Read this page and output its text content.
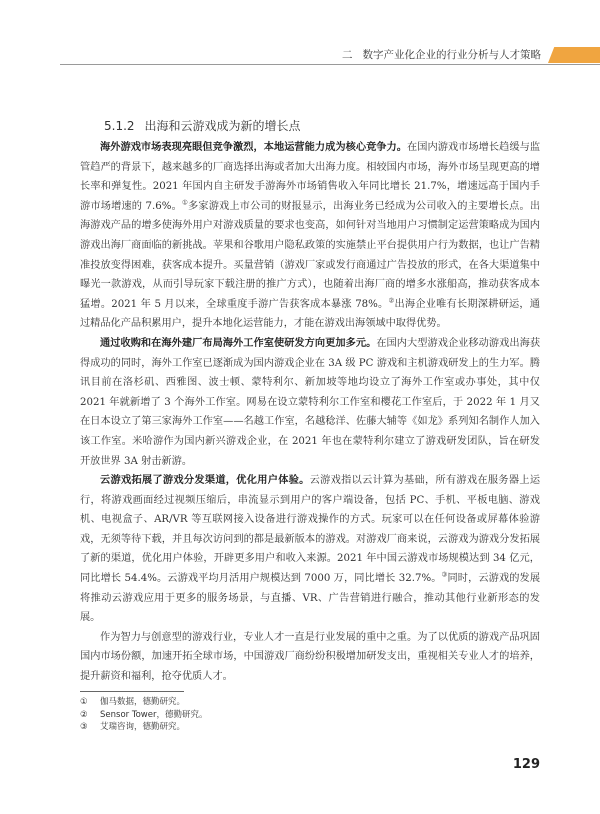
二 数字产业化企业的行业分析与人才策略
5.1.2 出海和云游戏成为新的增长点

海外游戏市场表现亮眼但竞争激烈，本地运营能力成为核心竞争力。在国内游戏市场增长趋缓与监管趋严的背景下，越来越多的厂商选择出海或者加大出海力度。相较国内市场，海外市场呈现更高的增长率和弹复性。2021 年国内自主研发手游海外市场销售收入年同比增长 21.7%，增速远高于国内手游市场增速的 7.6%。①多家游戏上市公司的财报显示，出海业务已经成为公司收入的主要增长点。出海游戏产品的增多使海外用户对游戏质量的要求也变高，如何针对当地用户习惯制定运营策略成为国内游戏出海厂商面临的新挑战。苹果和谷歌用户隐私政策的实施禁止平台提供用户行为数据，也让广告精准投放变得困难，获客成本提升。买量营销（游戏厂家或发行商通过广告投放的形式，在各大渠道集中曝光一款游戏，从而引导玩家下载注册的推广方式），也随着出海厂商的增多水涨船高，推动获客成本猛增。2021 年 5 月以来，全球重度手游广告获客成本暴涨 78%。②出海企业唯有长期深耕研运，通过精品化产品积累用户，提升本地化运营能力，才能在游戏出海领域中取得优势。

通过收购和在海外建厂布局海外工作室使研发方向更加多元。在国内大型游戏企业移动游戏出海获得成功的同时，海外工作室已逐渐成为国内游戏企业在 3A 级 PC 游戏和主机游戏研发上的生力军。腾讯目前在洛杉矶、西雅图、波士顿、蒙特利尔、新加坡等地均设立了海外工作室或办事处，其中仅 2021 年就新增了 3 个海外工作室。网易在设立蒙特利尔工作室和樱花工作室后，于 2022 年 1 月又在日本设立了第三家海外工作室——名越工作室，名越稔洋、佐藤大辅等《如龙》系列知名制作人加入该工作室。米哈游作为国内新兴游戏企业，在 2021 年也在蒙特利尔建立了游戏研发团队，旨在研发开放世界 3A 射击新游。

云游戏拓展了游戏分发渠道，优化用户体验。云游戏指以云计算为基础，所有游戏在服务器上运行，将游戏画面经过视频压缩后，串流显示到用户的客户端设备，包括 PC、手机、平板电脑、游戏机、电视盒子、AR/VR 等互联网接入设备进行游戏操作的方式。玩家可以在任何设备或屏幕体验游戏，无须等待下载，并且每次访问到的都是最新版本的游戏。对游戏厂商来说，云游戏为游戏分发拓展了新的渠道，优化用户体验，开辟更多用户和收入来源。2021 年中国云游戏市场规模达到 34 亿元，同比增长 54.4%。云游戏平均月活用户规模达到 7000 万，同比增长 32.7%。③同时，云游戏的发展将推动云游戏应用于更多的服务场景，与直播、VR、广告营销进行融合，推动其他行业新形态的发展。

作为智力与创意型的游戏行业，专业人才一直是行业发展的重中之重。为了以优质的游戏产品巩固国内市场份额，加速开拓全球市场，中国游戏厂商纷纷积极增加研发支出，重视相关专业人才的培养，提升薪资和福利，抢夺优质人才。

①	伽马数据，德勤研究。
②	Sensor Tower，德勤研究。
③	艾瑞咨询，德勤研究。
129
